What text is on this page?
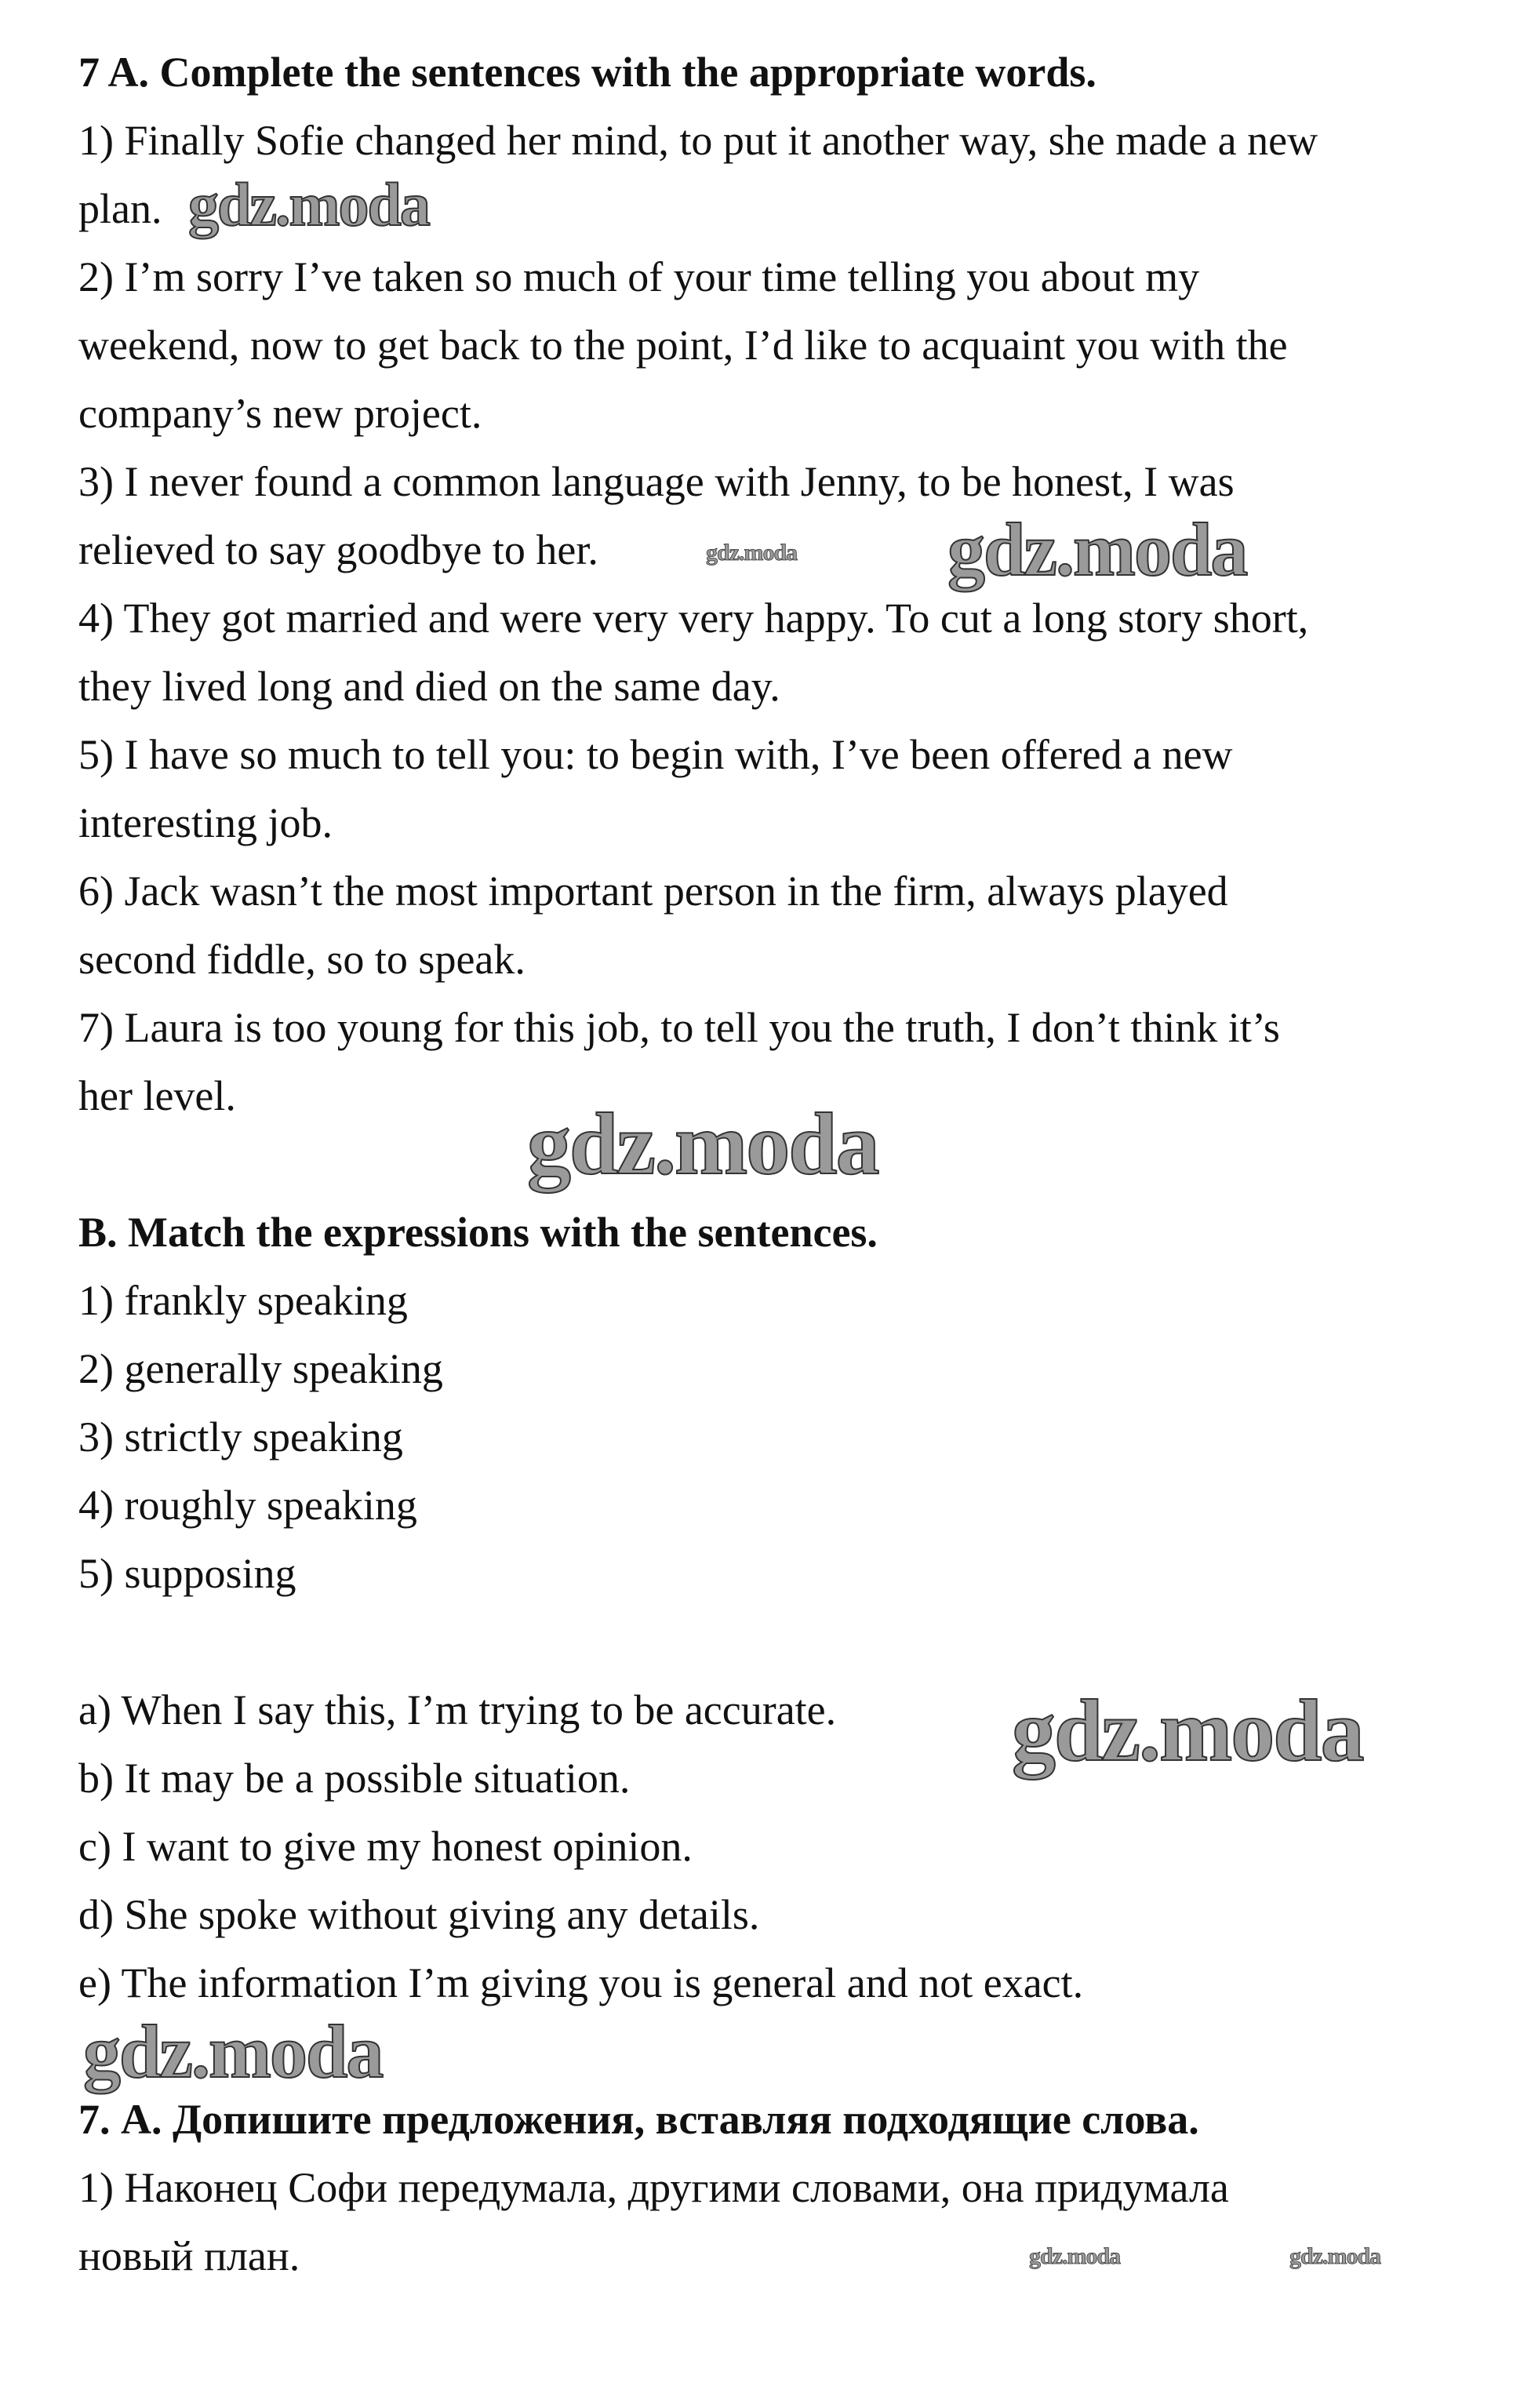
7 A. Complete the sentences with the appropriate words.
1) Finally Sofie changed her mind, to put it another way, she made a new
plan.
2) I’m sorry I’ve taken so much of your time telling you about my
weekend, now to get back to the point, I’d like to acquaint you with the
company’s new project.
3) I never found a common language with Jenny, to be honest, I was
relieved to say goodbye to her.
4) They got married and were very very happy. To cut a long story short,
they lived long and died on the same day.
5) I have so much to tell you: to begin with, I’ve been offered a new
interesting job.
6) Jack wasn’t the most important person in the firm, always played
second fiddle, so to speak.
7) Laura is too young for this job, to tell you the truth, I don’t think it’s
her level.
B. Match the expressions with the sentences.
1) frankly speaking
2) generally speaking
3) strictly speaking
4) roughly speaking
5) supposing
a) When I say this, I’m trying to be accurate.
b) It may be a possible situation.
c) I want to give my honest opinion.
d) She spoke without giving any details.
e) The information I’m giving you is general and not exact.
7. А. Допишите предложения, вставляя подходящие слова.
1) Наконец Софи передумала, другими словами, она придумала
новый план.
gdz.moda
gdz.moda
gdz.moda
gdz.moda
gdz.moda
gdz.moda
gdz.moda	gdz.moda
